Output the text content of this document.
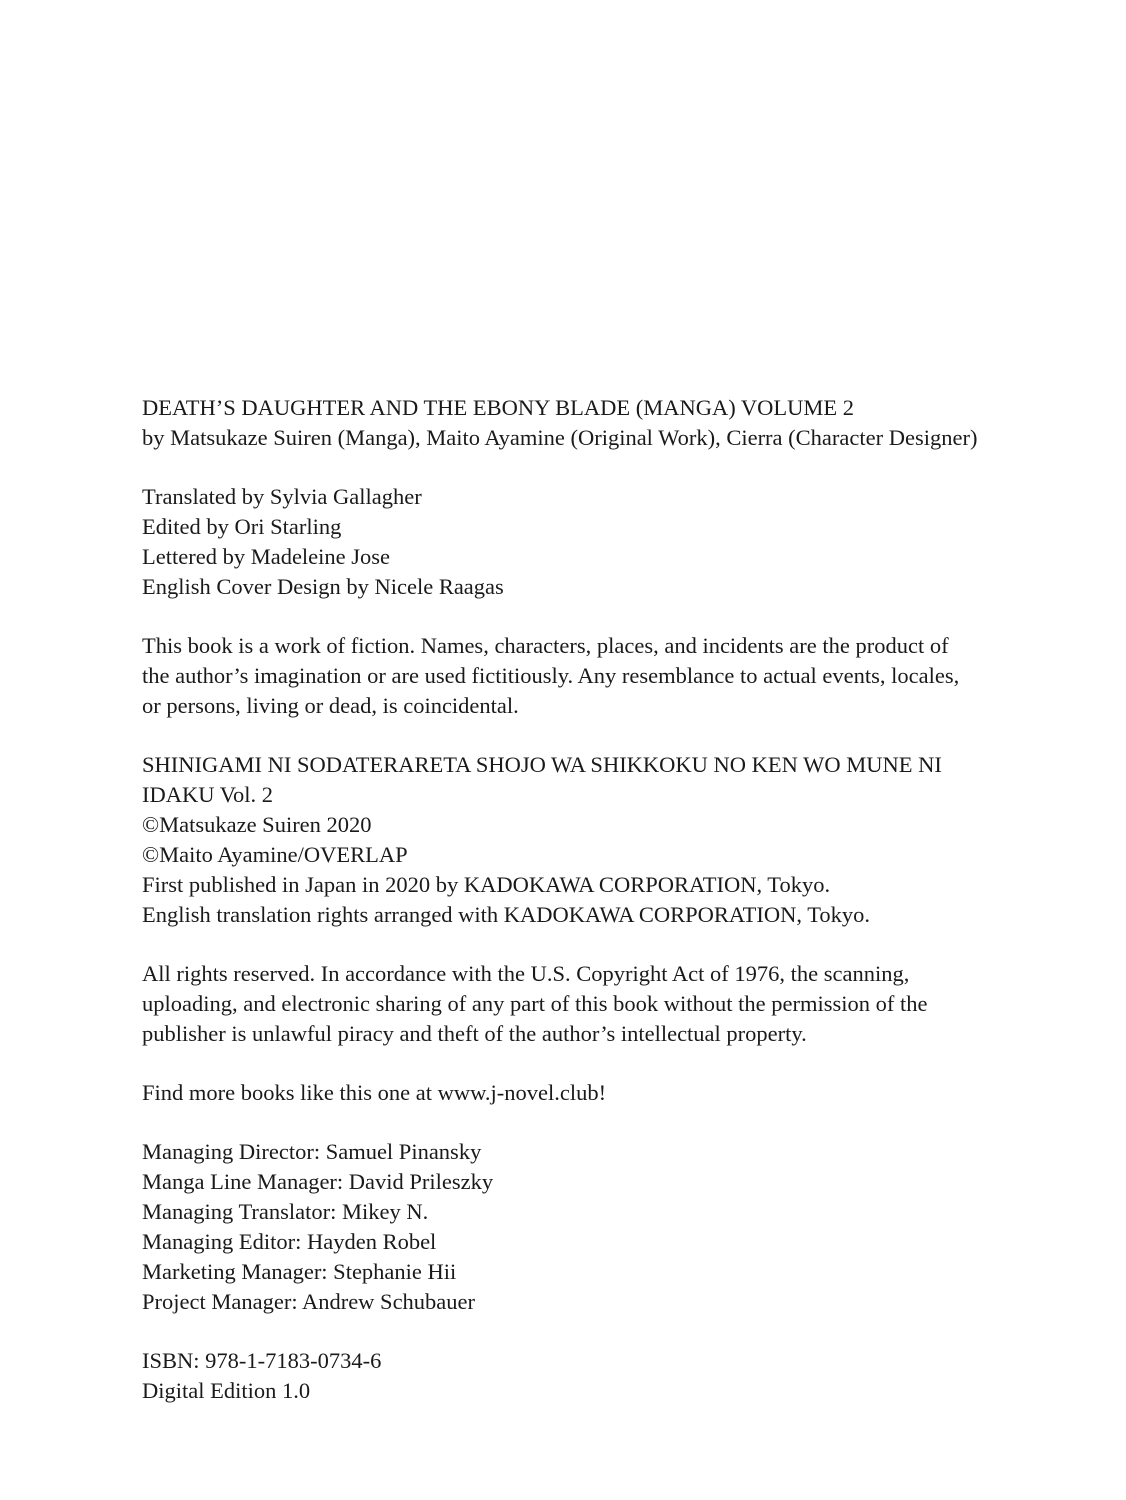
DEATH’S DAUGHTER AND THE EBONY BLADE (MANGA) VOLUME 2
by Matsukaze Suiren (Manga), Maito Ayamine (Original Work), Cierra (Character Designer)
Translated by Sylvia Gallagher
Edited by Ori Starling
Lettered by Madeleine Jose
English Cover Design by Nicele Raagas
This book is a work of fiction. Names, characters, places, and incidents are the product of
the author’s imagination or are used fictitiously. Any resemblance to actual events, locales,
or persons, living or dead, is coincidental.
SHINIGAMI NI SODATERARETA SHOJO WA SHIKKOKU NO KEN WO MUNE NI
IDAKU Vol. 2
©Matsukaze Suiren 2020
©Maito Ayamine/OVERLAP
First published in Japan in 2020 by KADOKAWA CORPORATION, Tokyo.
English translation rights arranged with KADOKAWA CORPORATION, Tokyo.
All rights reserved. In accordance with the U.S. Copyright Act of 1976, the scanning,
uploading, and electronic sharing of any part of this book without the permission of the
publisher is unlawful piracy and theft of the author’s intellectual property.
Find more books like this one at www.j-novel.club!
Managing Director: Samuel Pinansky
Manga Line Manager: David Prileszky
Managing Translator: Mikey N.
Managing Editor: Hayden Robel
Marketing Manager: Stephanie Hii
Project Manager: Andrew Schubauer
ISBN: 978-1-7183-0734-6
Digital Edition 1.0
